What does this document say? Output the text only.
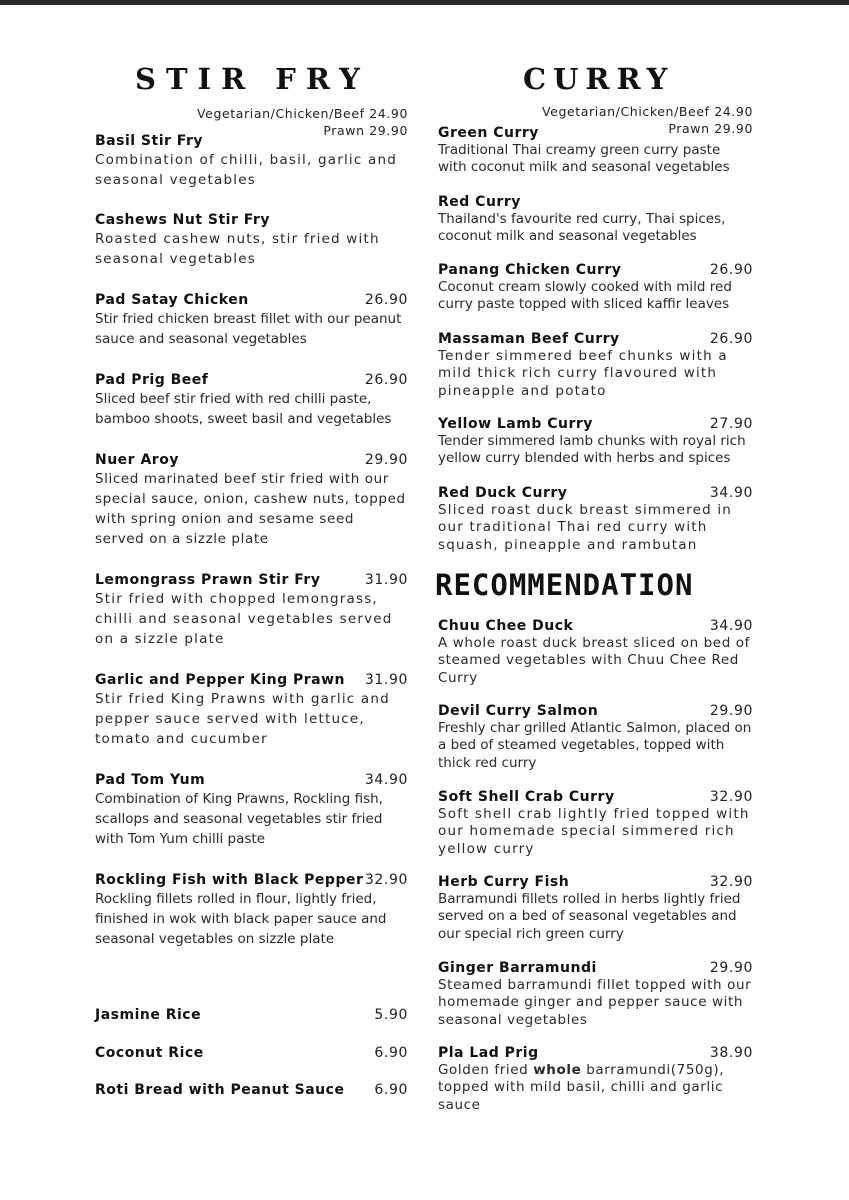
STIR FRY
Vegetarian/Chicken/Beef 24.90
Prawn 29.90
Basil Stir Fry
Combination of chilli, basil, garlic and seasonal vegetables
Cashews Nut Stir Fry
Roasted cashew nuts, stir fried with seasonal vegetables
Pad Satay Chicken	26.90
Stir fried chicken breast fillet with our peanut sauce and seasonal vegetables
Pad Prig Beef	26.90
Sliced beef stir fried with red chilli paste, bamboo shoots, sweet basil and vegetables
Nuer Aroy	29.90
Sliced marinated beef stir fried with our special sauce, onion, cashew nuts, topped with spring onion and sesame seed served on a sizzle plate
Lemongrass Prawn Stir Fry	31.90
Stir fried with chopped lemongrass, chilli and seasonal vegetables served on a sizzle plate
Garlic and Pepper King Prawn 31.90
Stir fried King Prawns with garlic and pepper sauce served with lettuce, tomato and cucumber
Pad Tom Yum	34.90
Combination of King Prawns, Rockling fish, scallops and seasonal vegetables stir fried with Tom Yum chilli paste
Rockling Fish with Black Pepper 32.90
Rockling fillets rolled in flour, lightly fried, finished in wok with black paper sauce and seasonal vegetables on sizzle plate
Jasmine Rice	5.90
Coconut Rice	6.90
Roti Bread with Peanut Sauce 6.90
CURRY
Vegetarian/Chicken/Beef 24.90
Prawn 29.90
Green Curry
Traditional Thai creamy green curry paste with coconut milk and seasonal vegetables
Red Curry
Thailand's favourite red curry, Thai spices, coconut milk and seasonal vegetables
Panang Chicken Curry	26.90
Coconut cream slowly cooked with mild red curry paste topped with sliced kaffir leaves
Massaman Beef Curry	26.90
Tender simmered beef chunks with a mild thick rich curry flavoured with pineapple and potato
Yellow Lamb Curry	27.90
Tender simmered lamb chunks with royal rich yellow curry blended with herbs and spices
Red Duck Curry	34.90
Sliced roast duck breast simmered in our traditional Thai red curry with squash, pineapple and rambutan
RECOMMENDATION
Chuu Chee Duck	34.90
A whole roast duck breast sliced on bed of steamed vegetables with Chuu Chee Red Curry
Devil Curry Salmon	29.90
Freshly char grilled Atlantic Salmon, placed on a bed of steamed vegetables, topped with thick red curry
Soft Shell Crab Curry	32.90
Soft shell crab lightly fried topped with our homemade special simmered rich yellow curry
Herb Curry Fish	32.90
Barramundi fillets rolled in herbs lightly fried served on a bed of seasonal vegetables and our special rich green curry
Ginger Barramundi	29.90
Steamed barramundi fillet topped with our homemade ginger and pepper sauce with seasonal vegetables
Pla Lad Prig	38.90
Golden fried whole barramundi(750g), topped with mild basil, chilli and garlic sauce
